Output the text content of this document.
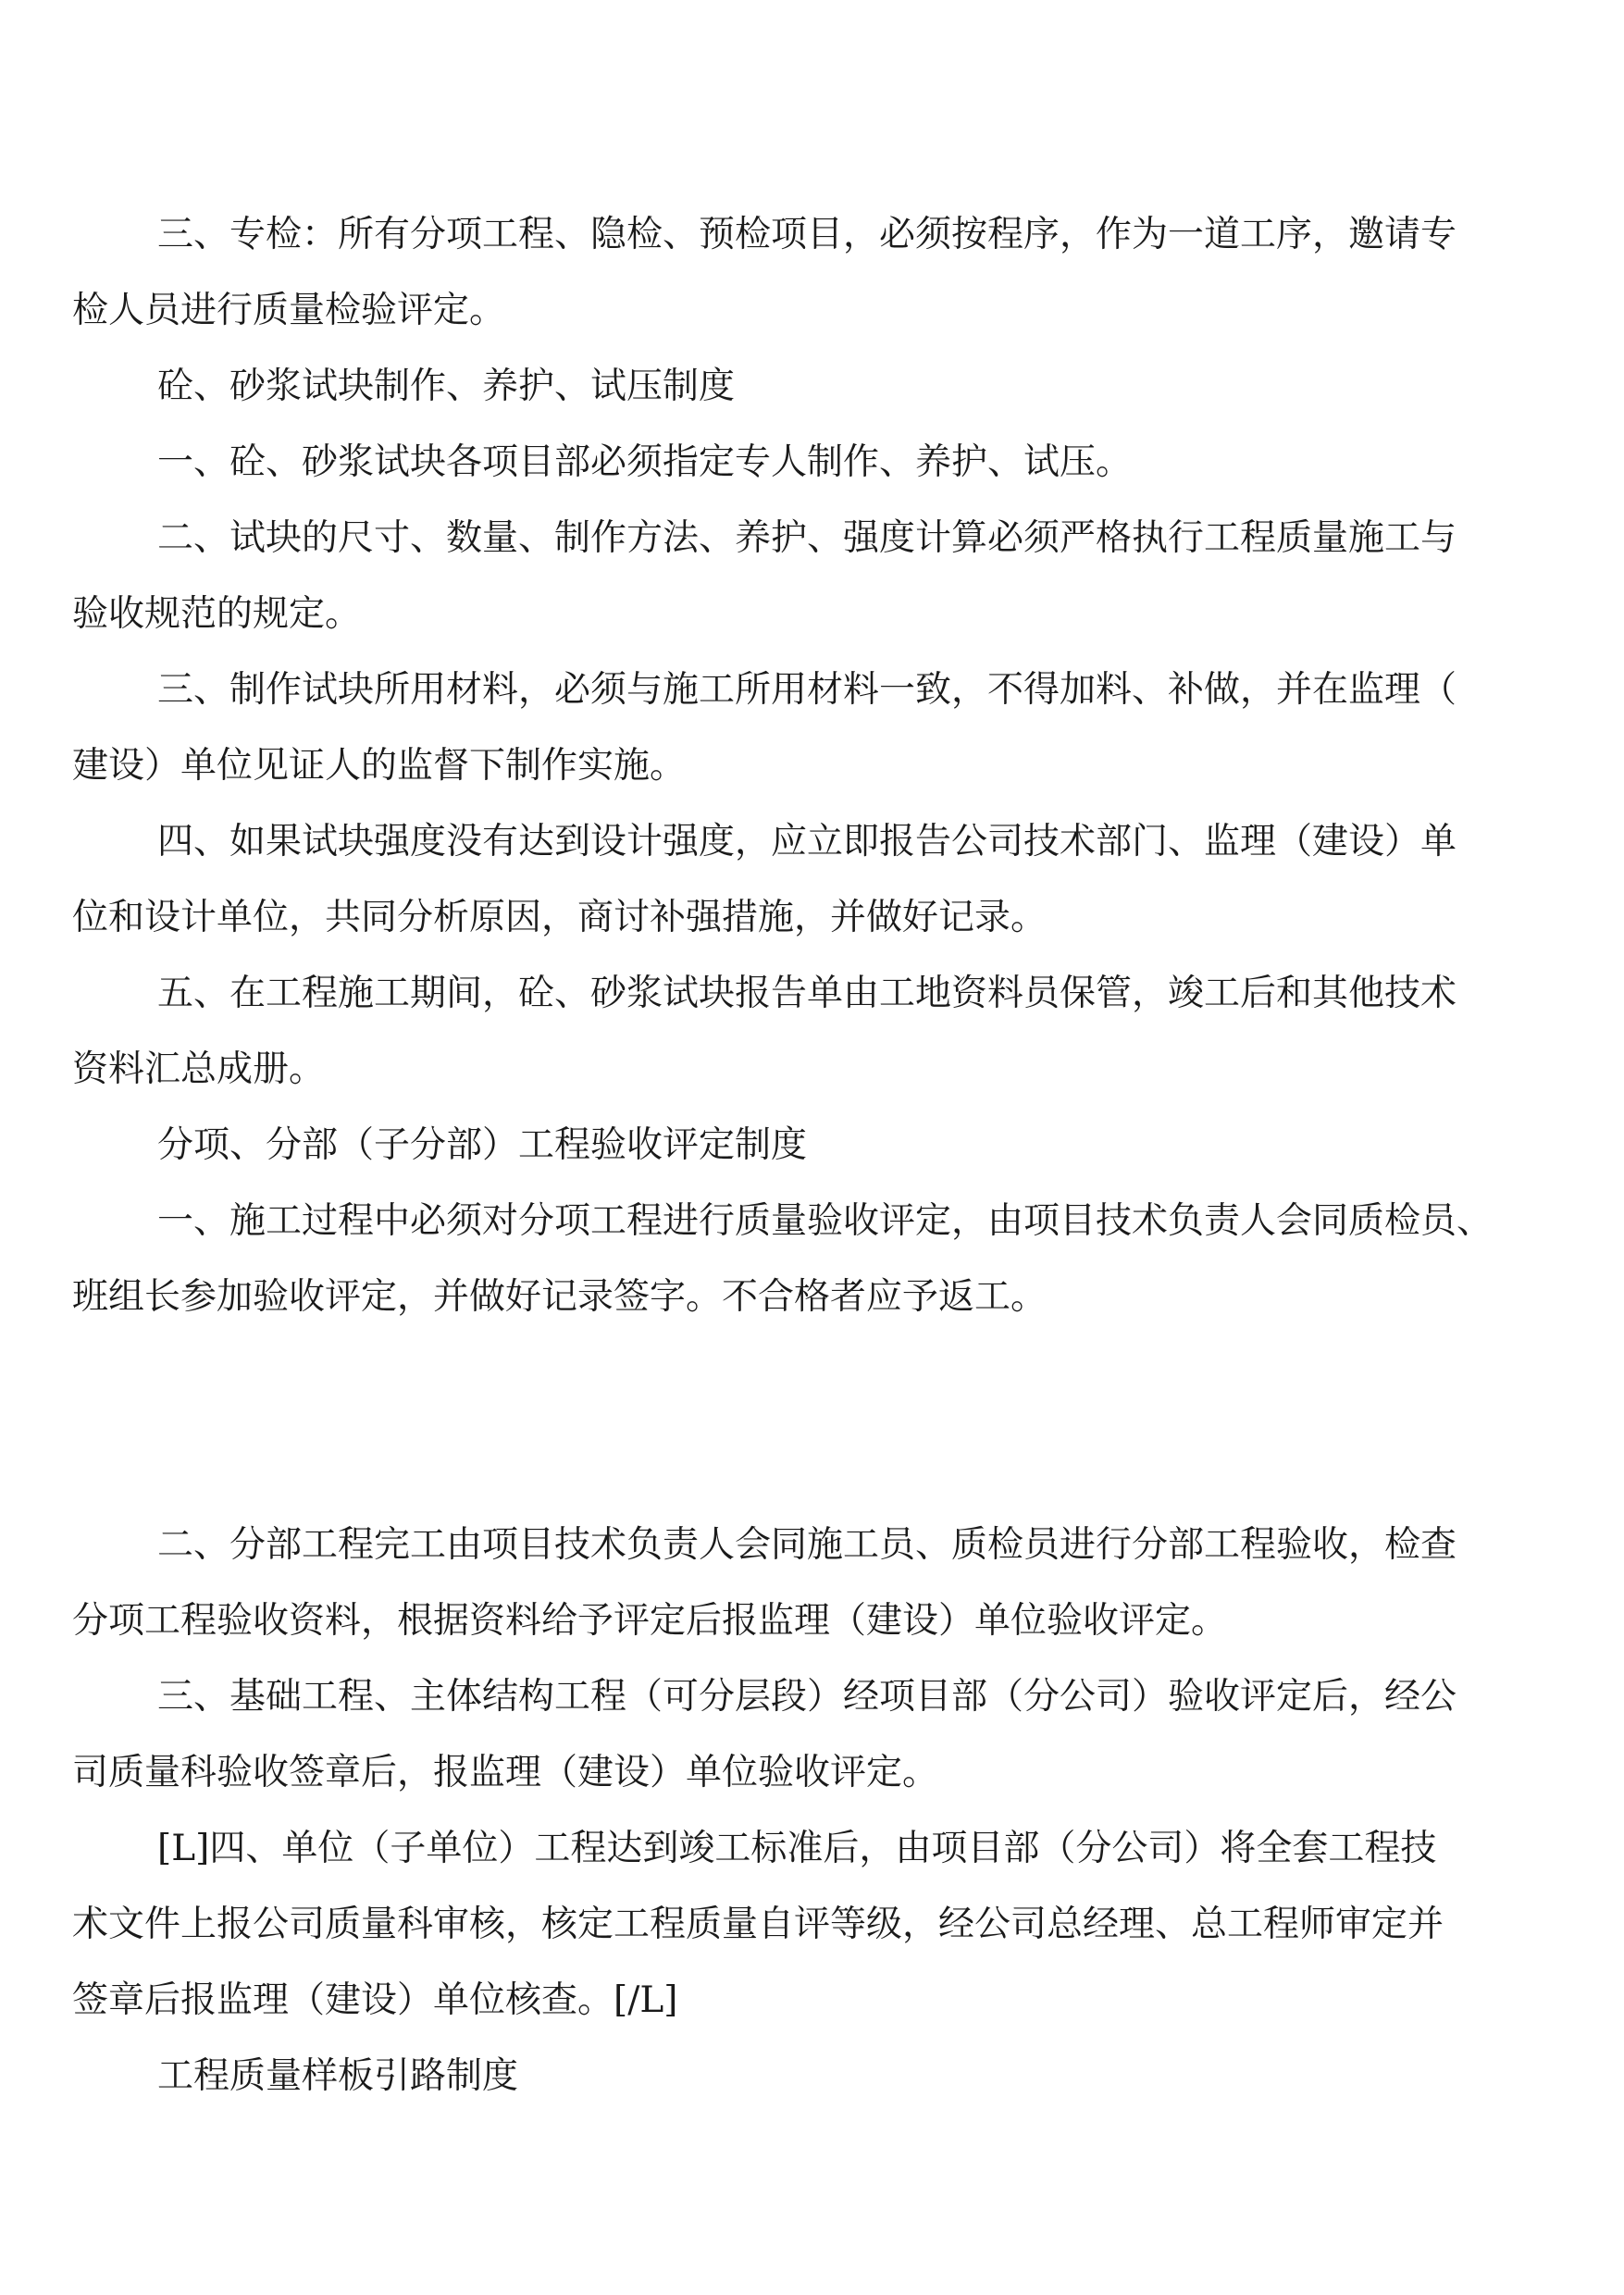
三、专检：所有分项工程、隐检、预检项目，必须按程序，作为一道工序，邀请专
检人员进行质量检验评定。

砼、砂浆试块制作、养护、试压制度

一、砼、砂浆试块各项目部必须指定专人制作、养护、试压。

二、试块的尺寸、数量、制作方法、养护、强度计算必须严格执行工程质量施工与
验收规范的规定。

三、制作试块所用材料，必须与施工所用材料一致，不得加料、补做，并在监理（
建设）单位见证人的监督下制作实施。

四、如果试块强度没有达到设计强度，应立即报告公司技术部门、监理（建设）单
位和设计单位，共同分析原因，商讨补强措施，并做好记录。

五、在工程施工期间，砼、砂浆试块报告单由工地资料员保管，竣工后和其他技术
资料汇总成册。

分项、分部（子分部）工程验收评定制度

一、施工过程中必须对分项工程进行质量验收评定，由项目技术负责人会同质检员、
班组长参加验收评定，并做好记录签字。不合格者应予返工。

二、分部工程完工由项目技术负责人会同施工员、质检员进行分部工程验收，检查
分项工程验收资料，根据资料给予评定后报监理（建设）单位验收评定。

三、基础工程、主体结构工程（可分层段）经项目部（分公司）验收评定后，经公
司质量科验收签章后，报监理（建设）单位验收评定。

[L]四、单位（子单位）工程达到竣工标准后，由项目部（分公司）将全套工程技
术文件上报公司质量科审核，核定工程质量自评等级，经公司总经理、总工程师审定并
签章后报监理（建设）单位核查。[/L]

工程质量样板引路制度
